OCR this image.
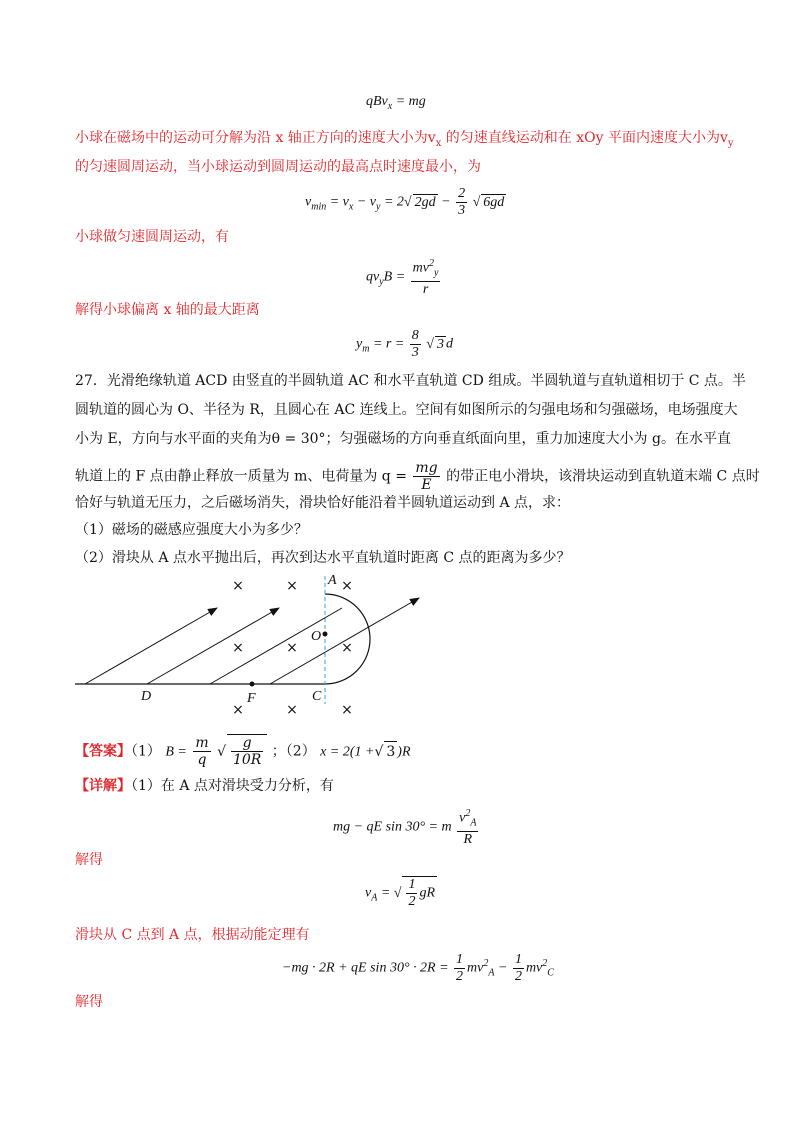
qBv$_x$ = mg
小球在磁场中的运动可分解为沿 x 轴正方向的速度大小为$v_x$ 的匀速直线运动和在 xOy 平面内速度大小为$v_y$
的匀速圆周运动，当小球运动到圆周运动的最高点时速度最小，为
$v_{min} = v_x - v_y = 2√$ $2gd - \frac{2}{3}$
√ 6gd
小球做匀速圆周运动，有
$qv_yB = \frac{mv^2_y}{r}$
解得小球偏离 x 轴的最大距离
$y_m = r = \frac{8}{3}$
√ 3 d
27．光滑绝缘轨道 ACD 由竖直的半圆轨道 AC 和水平直轨道 CD 组成。半圆轨道与直轨道相切于 C 点。半
圆轨道的圆心为 O、半径为 R，且圆心在 AC 连线上。空间有如图所示的匀强电场和匀强磁场，电场强度大
小为 E，方向与水平面的夹角为θ = 30°；匀强磁场的方向垂直纸面向里，重力加速度大小为 g。在水平直
轨道上的 F 点由静止释放一质量为 m、电荷量为 $q = \frac{mg}{E}$ 的带正电小滑块，该滑块运动到直轨道末端 C 点时
恰好与轨道无压力，之后磁场消失，滑块恰好能沿着半圆轨道运动到 A 点，求：
（1）磁场的磁感应强度大小为多少？
（2）滑块从 A 点水平抛出后，再次到达水平直轨道时距离 C 点的距离为多少？
×	×	×
×	×	×
×	×	×
A
O
D	F	C
【答案】（1） $B = \frac{m}{q}$
√ $\frac{g}{10R}$ ；（2） x = 2(1 +√ 3 )R
【详解】（1）在 A 点对滑块受力分析，有
mg − qE sin 30° = m $\frac{v^2_A}{R}$
解得
$v_A$ = √ $\frac{1}{2}$ gR
滑块从 C 点到 A 点，根据动能定理有
−mg · 2R + qE $\sin 30^\circ \cdot 2R = \frac{1}{2} mv^2_A - \frac{1}{2} mv^2_C$
解得
